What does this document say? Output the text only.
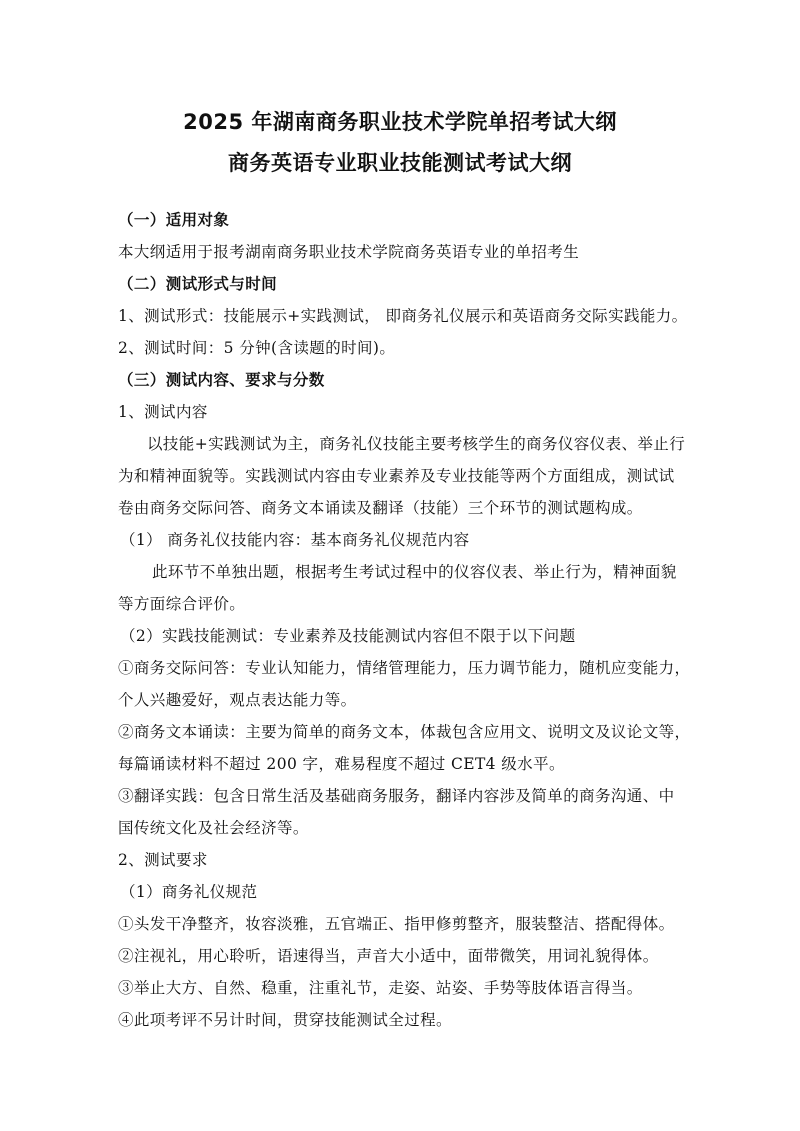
2025 年湖南商务职业技术学院单招考试大纲
商务英语专业职业技能测试考试大纲
（一）适用对象
本大纲适用于报考湖南商务职业技术学院商务英语专业的单招考生
（二）测试形式与时间
1、测试形式：技能展示+实践测试， 即商务礼仪展示和英语商务交际实践能力。
2、测试时间：5 分钟(含读题的时间)。
（三）测试内容、要求与分数
1、测试内容
以技能+实践测试为主，商务礼仪技能主要考核学生的商务仪容仪表、举止行
为和精神面貌等。实践测试内容由专业素养及专业技能等两个方面组成，测试试
卷由商务交际问答、商务文本诵读及翻译（技能）三个环节的测试题构成。
（1） 商务礼仪技能内容：基本商务礼仪规范内容
此环节不单独出题，根据考生考试过程中的仪容仪表、举止行为，精神面貌
等方面综合评价。
（2）实践技能测试：专业素养及技能测试内容但不限于以下问题
①商务交际问答：专业认知能力，情绪管理能力，压力调节能力，随机应变能力，
个人兴趣爱好，观点表达能力等。
②商务文本诵读：主要为简单的商务文本，体裁包含应用文、说明文及议论文等，
每篇诵读材料不超过 200 字，难易程度不超过 CET4 级水平。
③翻译实践：包含日常生活及基础商务服务，翻译内容涉及简单的商务沟通、中
国传统文化及社会经济等。
2、测试要求
（1）商务礼仪规范
①头发干净整齐，妆容淡雅，五官端正、指甲修剪整齐，服装整洁、搭配得体。
②注视礼，用心聆听，语速得当，声音大小适中，面带微笑，用词礼貌得体。
③举止大方、自然、稳重，注重礼节，走姿、站姿、手势等肢体语言得当。
④此项考评不另计时间，贯穿技能测试全过程。
